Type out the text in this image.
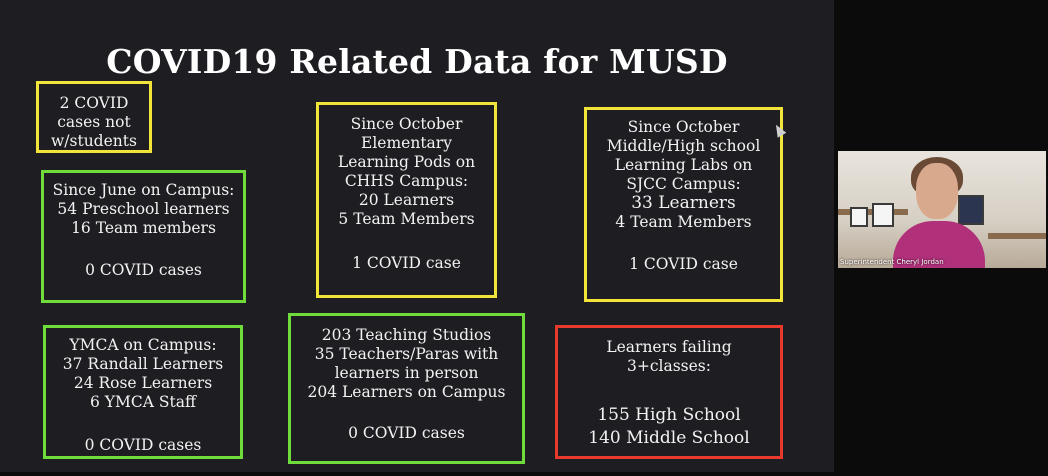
COVID19 Related Data for MUSD
2 COVID
cases not
w/students
Since June on Campus:
54 Preschool learners
16 Team members
0 COVID cases
Since October
Elementary
Learning Pods on
CHHS Campus:
20 Learners
5 Team Members
1 COVID case
Since October
Middle/High school
Learning Labs on
SJCC Campus:
33 Learners
4 Team Members
1 COVID case
YMCA on Campus:
37 Randall Learners
24 Rose Learners
6 YMCA Staff
0 COVID cases
203 Teaching Studios
35 Teachers/Paras with
learners in person
204 Learners on Campus
0 COVID cases
Learners failing
3+classes:
155 High School
140 Middle School
Superintendent Cheryl Jordan
